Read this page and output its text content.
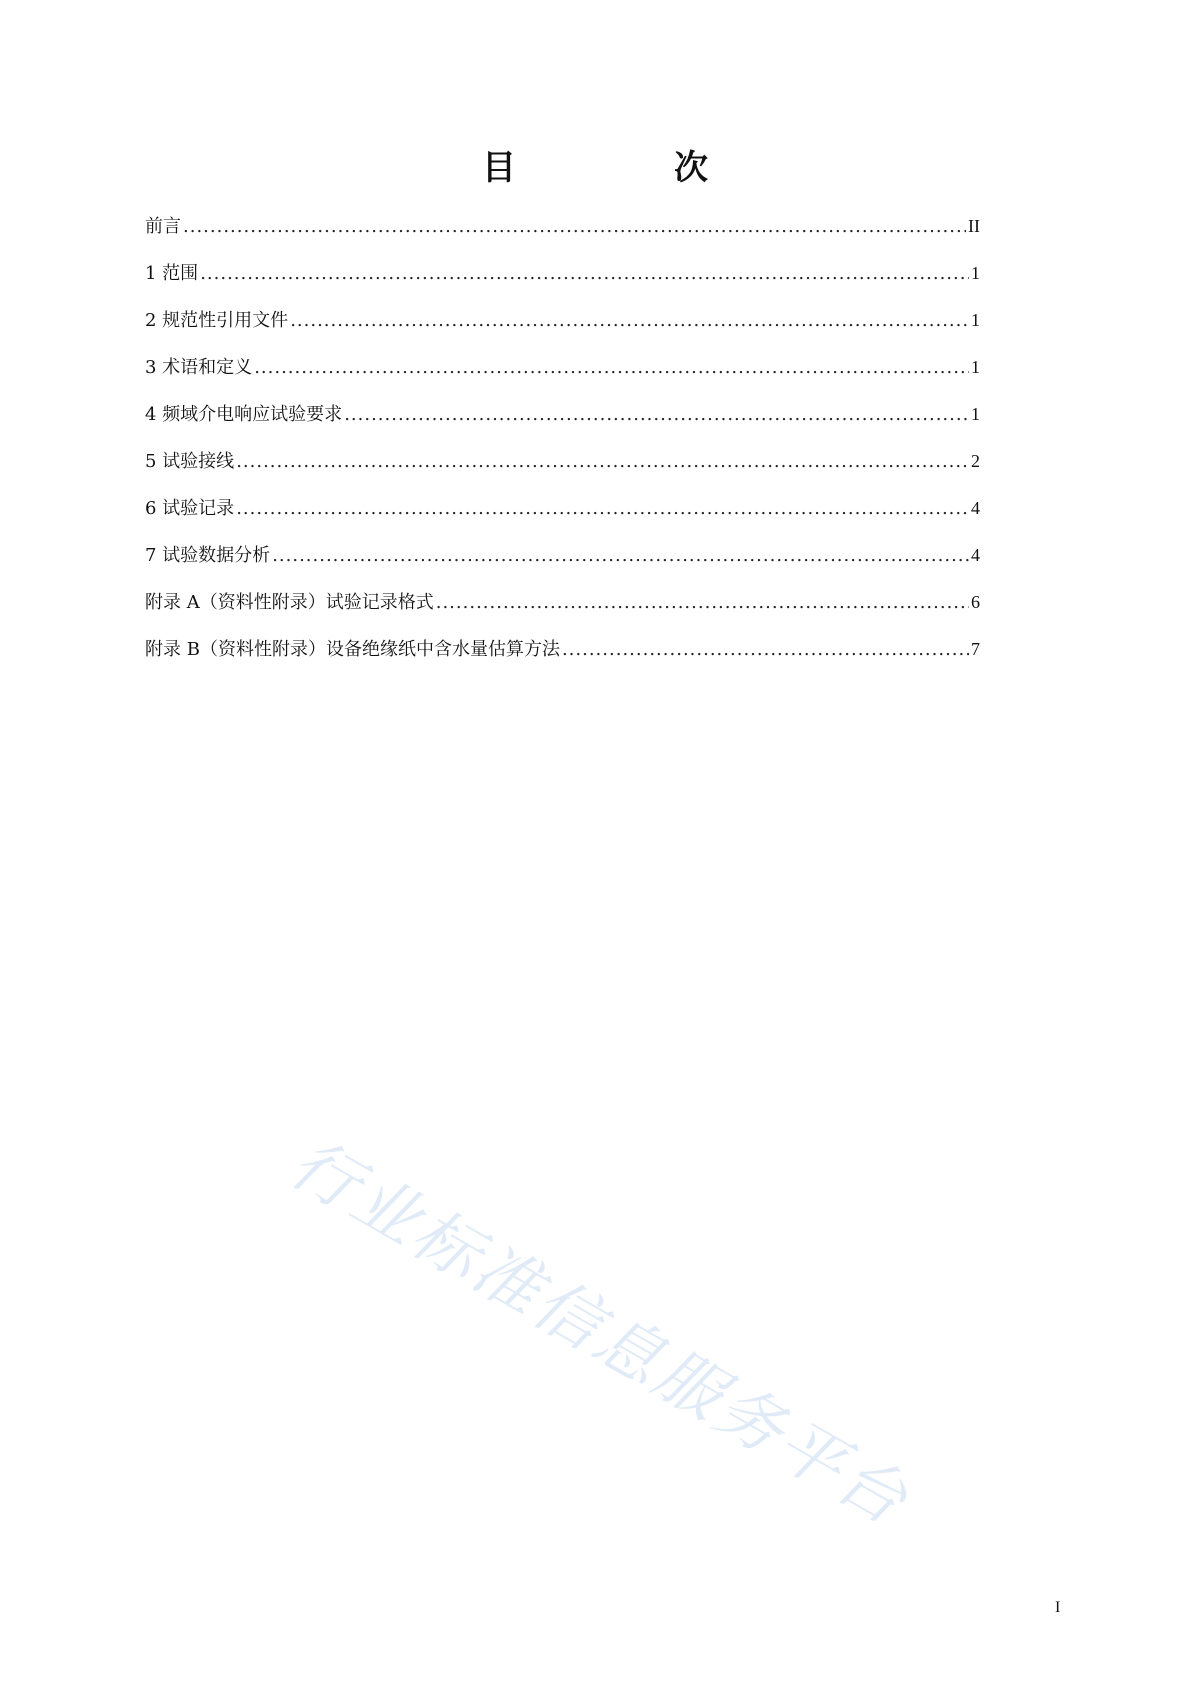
目　次
前言 .....	II
1 范围 .....	1
2 规范性引用文件 .....	1
3 术语和定义 .....	1
4 频域介电响应试验要求 .....	1
5 试验接线 .....	2
6 试验记录 .....	4
7 试验数据分析 .....	4
附录 A（资料性附录）试验记录格式 .....	6
附录 B（资料性附录）设备绝缘纸中含水量估算方法 .....	7
行业标准信息服务平台
I
